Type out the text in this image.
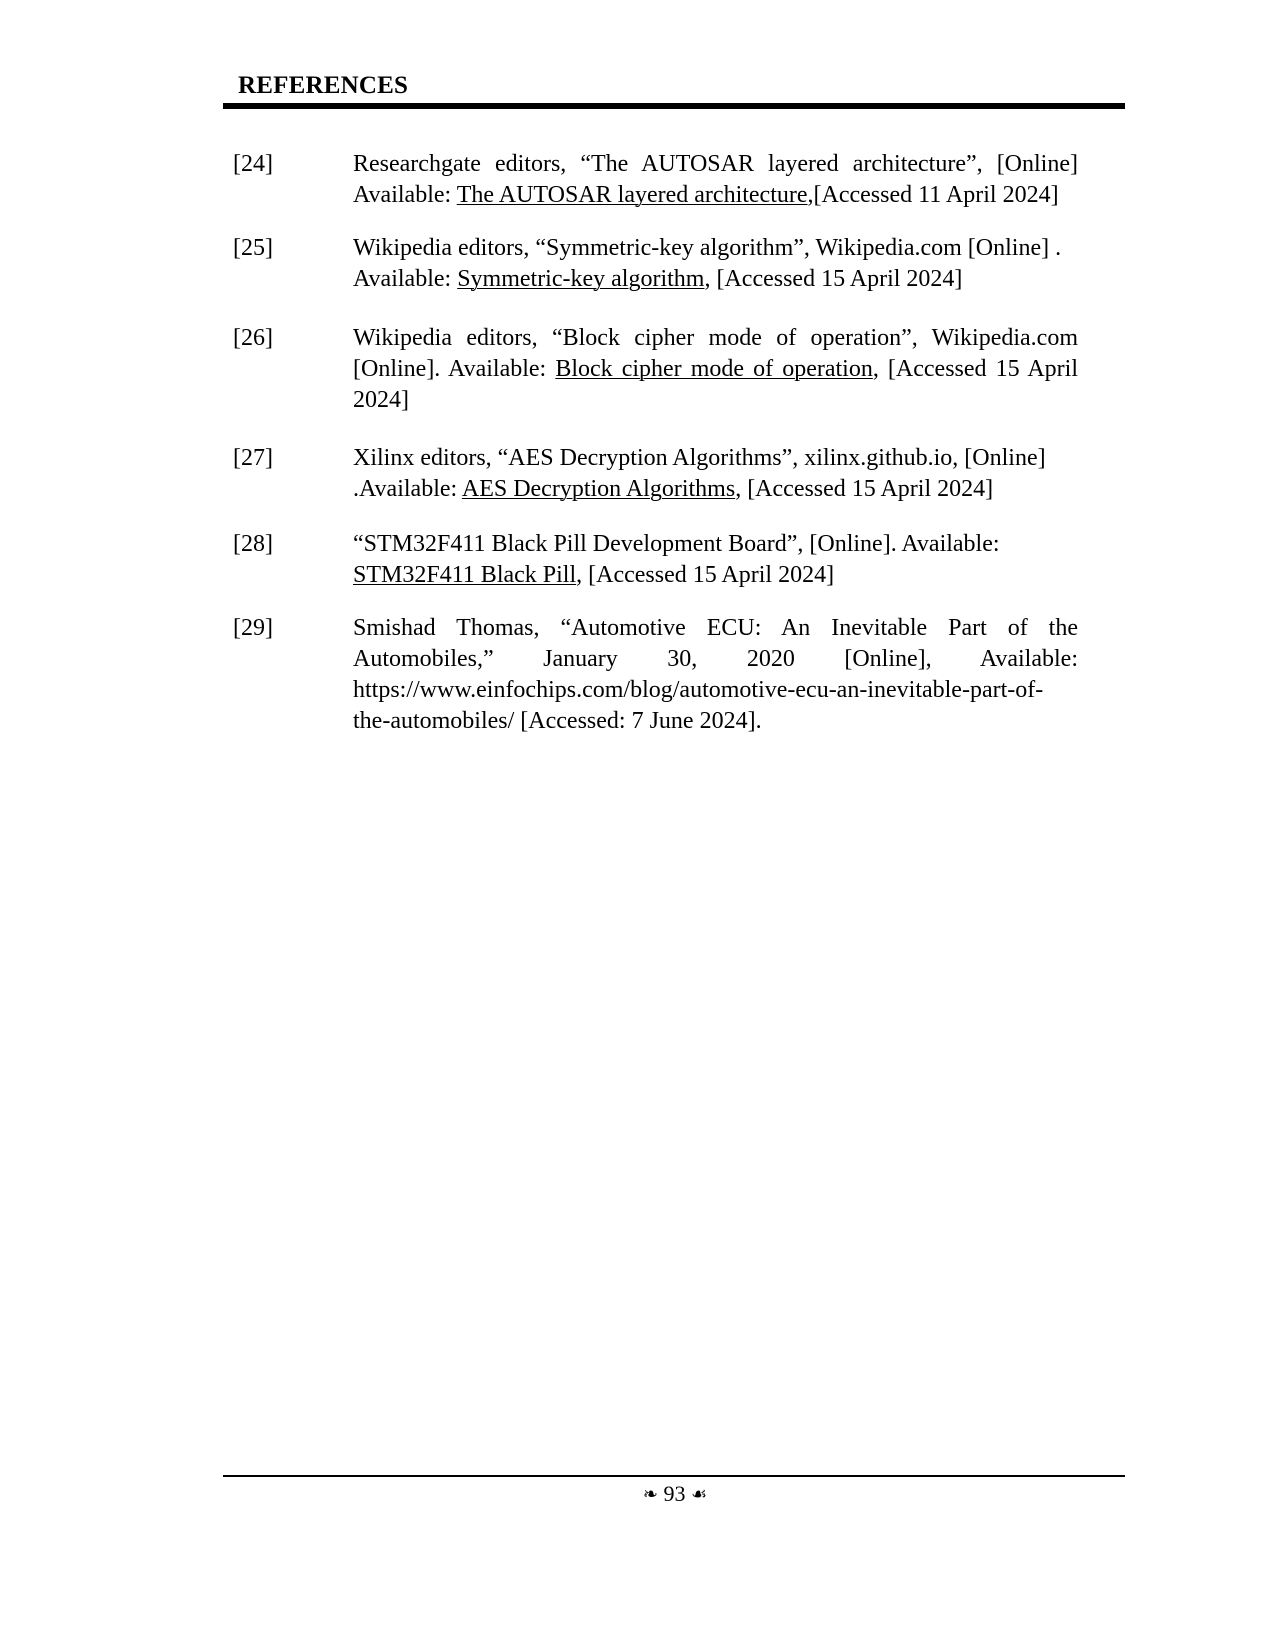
REFERENCES
[24]	Researchgate editors, “The AUTOSAR layered architecture”, [Online] Available: The AUTOSAR layered architecture,[Accessed 11 April 2024]
[25]	Wikipedia editors, “Symmetric-key algorithm”, Wikipedia.com [Online] . Available: Symmetric-key algorithm, [Accessed 15 April 2024]
[26]	Wikipedia editors, “Block cipher mode of operation”, Wikipedia.com [Online]. Available: Block cipher mode of operation, [Accessed 15 April 2024]
[27]	Xilinx editors, “AES Decryption Algorithms”, xilinx.github.io, [Online] .Available: AES Decryption Algorithms, [Accessed 15 April 2024]
[28]	“STM32F411 Black Pill Development Board”, [Online]. Available: STM32F411 Black Pill, [Accessed 15 April 2024]
[29]	Smishad Thomas, “Automotive ECU: An Inevitable Part of the Automobiles,” January 30, 2020 [Online], Available: https://www.einfochips.com/blog/automotive-ecu-an-inevitable-part-of-the-automobiles/ [Accessed: 7 June 2024].
❧ 93 ☙
